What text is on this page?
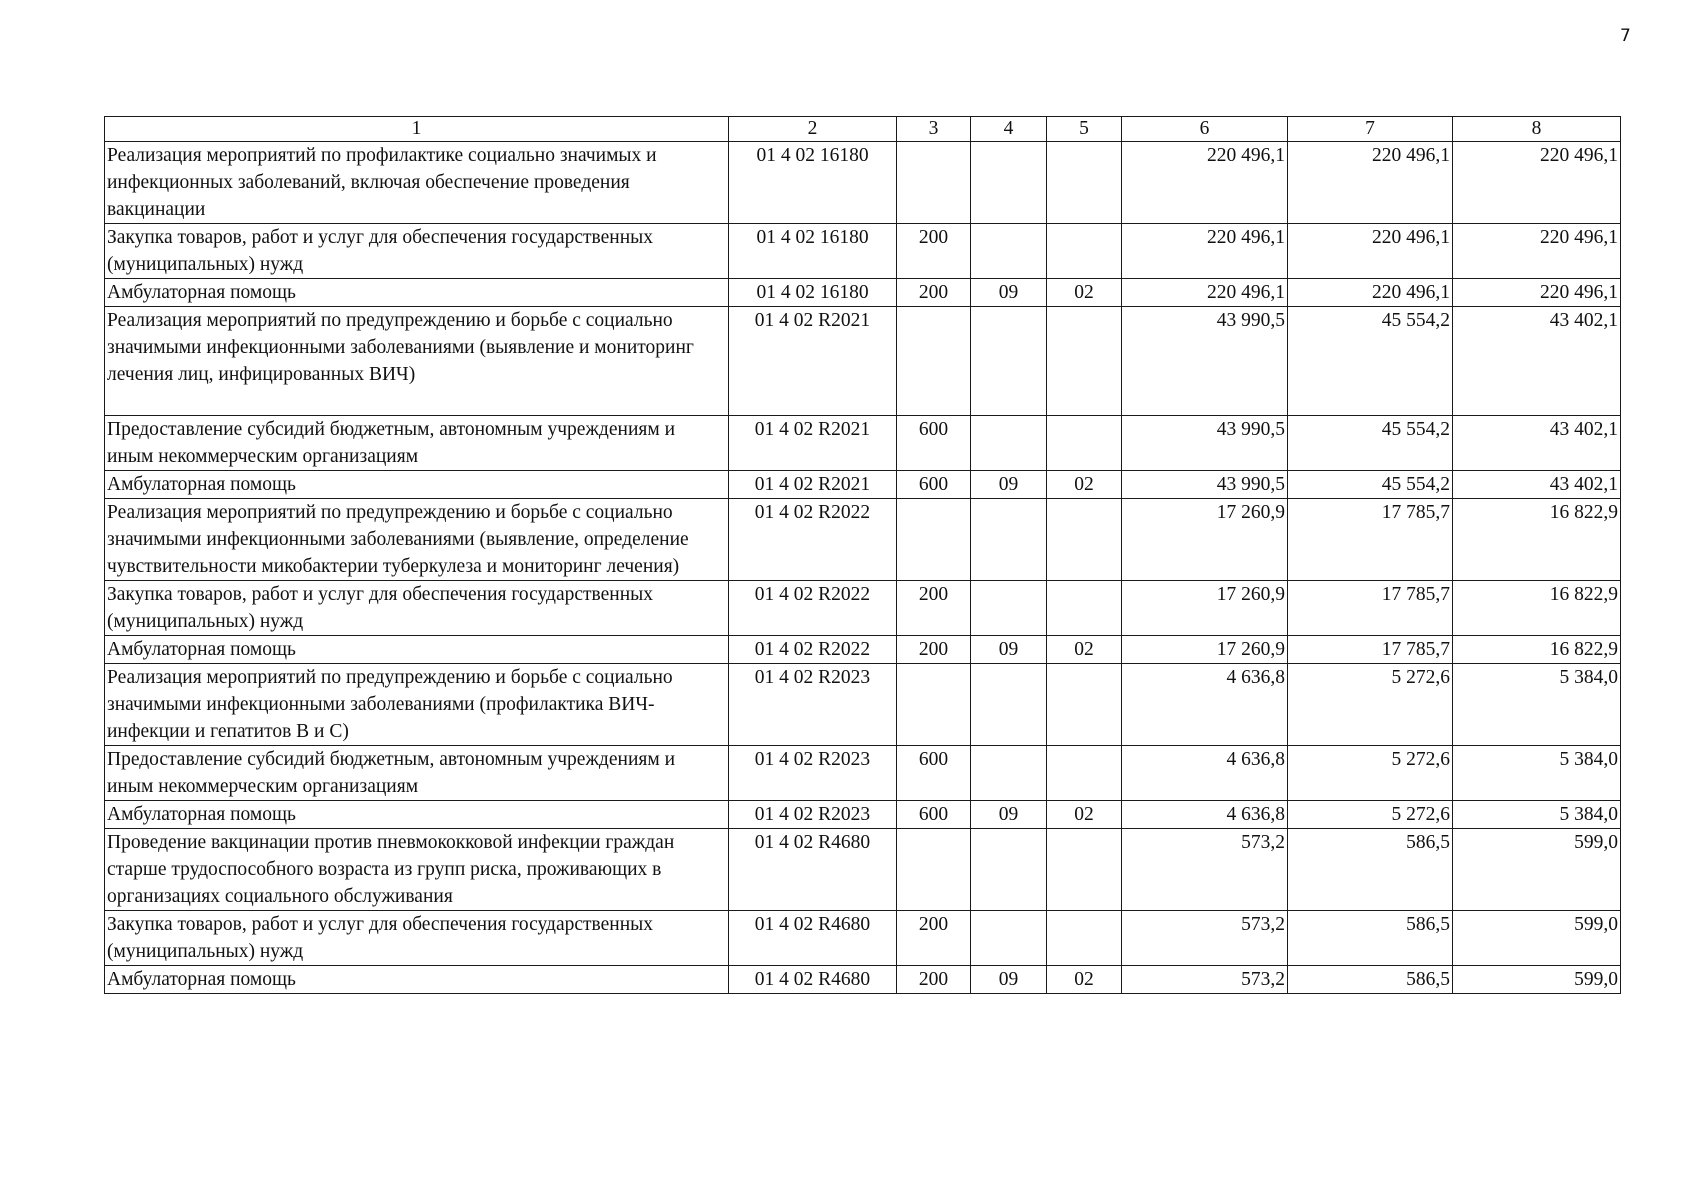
7
1	2	3	4	5	6	7	8
Реализация мероприятий по профилактике социально значимых и инфекционных заболеваний, включая обеспечение проведения вакцинации	01 4 02 16180				220 496,1	220 496,1	220 496,1
Закупка товаров, работ и услуг для обеспечения государственных (муниципальных) нужд	01 4 02 16180	200			220 496,1	220 496,1	220 496,1
Амбулаторная помощь	01 4 02 16180	200	09	02	220 496,1	220 496,1	220 496,1
Реализация мероприятий по предупреждению и борьбе с социально значимыми инфекционными заболеваниями (выявление и мониторинг лечения лиц, инфицированных ВИЧ)	01 4 02 R2021				43 990,5	45 554,2	43 402,1
Предоставление субсидий бюджетным, автономным учреждениям и иным некоммерческим организациям	01 4 02 R2021	600			43 990,5	45 554,2	43 402,1
Амбулаторная помощь	01 4 02 R2021	600	09	02	43 990,5	45 554,2	43 402,1
Реализация мероприятий по предупреждению и борьбе с социально значимыми инфекционными заболеваниями (выявление, определение чувствительности микобактерии туберкулеза и мониторинг лечения)	01 4 02 R2022				17 260,9	17 785,7	16 822,9
Закупка товаров, работ и услуг для обеспечения государственных (муниципальных) нужд	01 4 02 R2022	200			17 260,9	17 785,7	16 822,9
Амбулаторная помощь	01 4 02 R2022	200	09	02	17 260,9	17 785,7	16 822,9
Реализация мероприятий по предупреждению и борьбе с социально значимыми инфекционными заболеваниями (профилактика ВИЧ-инфекции и гепатитов B и C)	01 4 02 R2023				4 636,8	5 272,6	5 384,0
Предоставление субсидий бюджетным, автономным учреждениям и иным некоммерческим организациям	01 4 02 R2023	600			4 636,8	5 272,6	5 384,0
Амбулаторная помощь	01 4 02 R2023	600	09	02	4 636,8	5 272,6	5 384,0
Проведение вакцинации против пневмококковой инфекции граждан старше трудоспособного возраста из групп риска, проживающих в организациях социального обслуживания	01 4 02 R4680				573,2	586,5	599,0
Закупка товаров, работ и услуг для обеспечения государственных (муниципальных) нужд	01 4 02 R4680	200			573,2	586,5	599,0
Амбулаторная помощь	01 4 02 R4680	200	09	02	573,2	586,5	599,0
